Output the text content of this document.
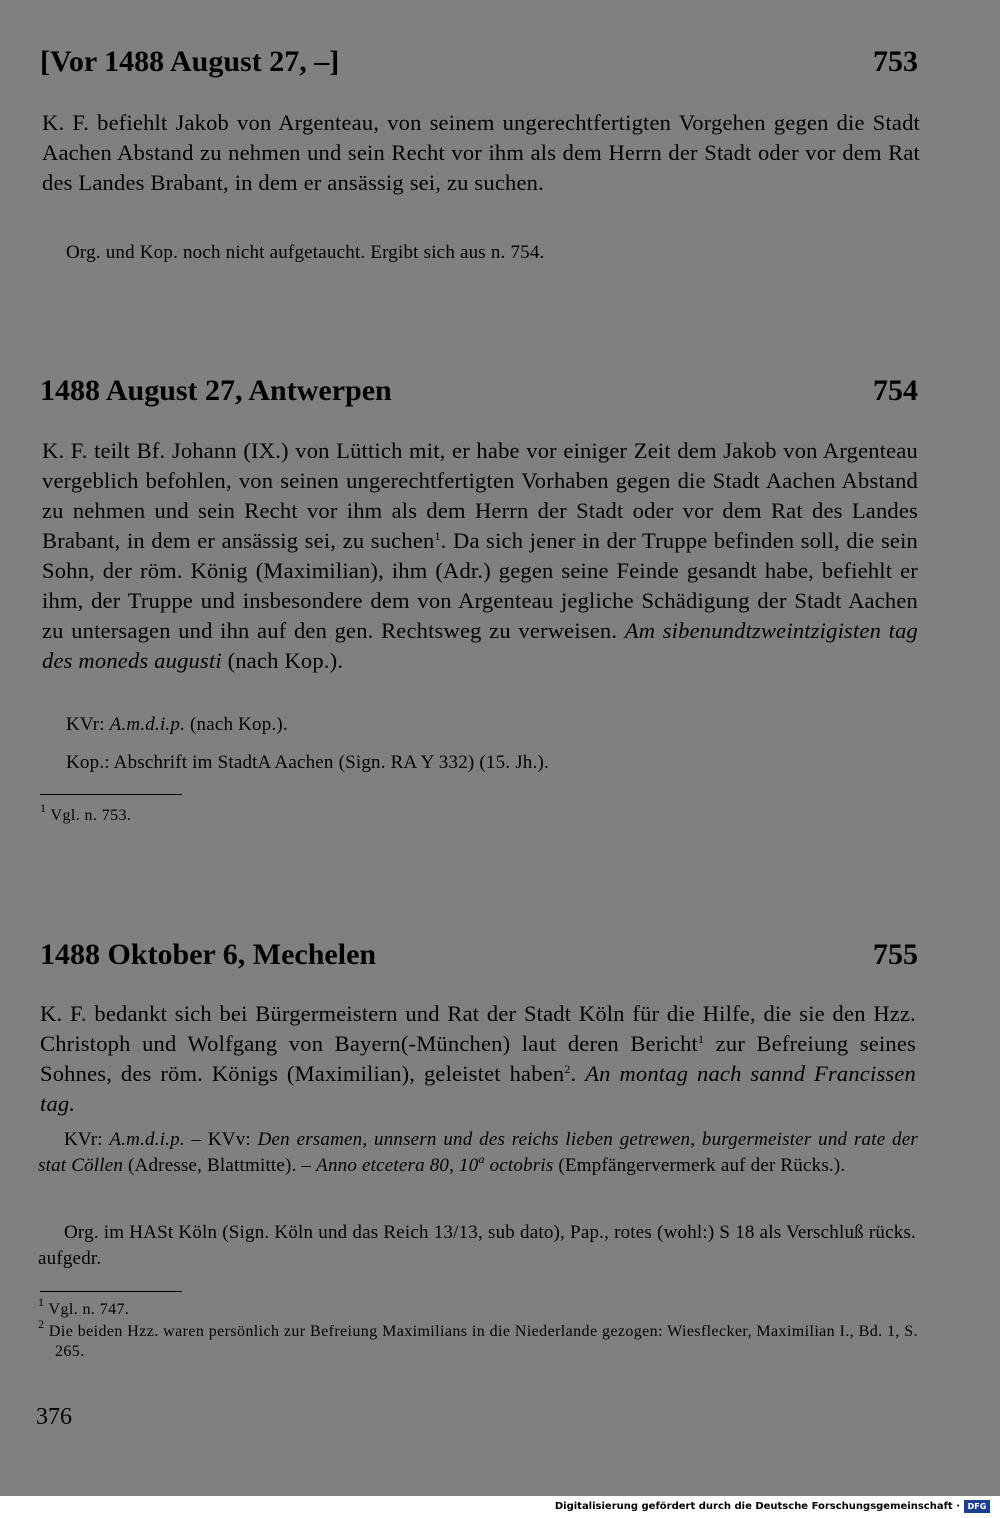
[Vor 1488 August 27, –]	753

K. F. befiehlt Jakob von Argenteau, von seinem ungerechtfertigten Vorgehen gegen die Stadt Aachen Abstand zu nehmen und sein Recht vor ihm als dem Herrn der Stadt oder vor dem Rat des Landes Brabant, in dem er ansässig sei, zu suchen.

Org. und Kop. noch nicht aufgetaucht. Ergibt sich aus n. 754.

1488 August 27, Antwerpen	754

K. F. teilt Bf. Johann (IX.) von Lüttich mit, er habe vor einiger Zeit dem Jakob von Argenteau vergeblich befohlen, von seinen ungerechtfertigten Vorhaben gegen die Stadt Aachen Abstand zu nehmen und sein Recht vor ihm als dem Herrn der Stadt oder vor dem Rat des Landes Brabant, in dem er ansässig sei, zu suchen$^1$. Da sich jener in der Truppe befinden soll, die sein Sohn, der röm. König (Maximilian), ihm (Adr.) gegen seine Feinde gesandt habe, befiehlt er ihm, der Truppe und insbesondere dem von Argenteau jegliche Schädigung der Stadt Aachen zu untersagen und ihn auf den gen. Rechtsweg zu verweisen. Am sibenundtzweintzigisten tag des moneds augusti (nach Kop.).

KVr: A.m.d.i.p. (nach Kop.).

Kop.: Abschrift im StadtA Aachen (Sign. RA Y 332) (15. Jh.).

$^1$ Vgl. n. 753.

1488 Oktober 6, Mechelen	755

K. F. bedankt sich bei Bürgermeistern und Rat der Stadt Köln für die Hilfe, die sie den Hzz. Christoph und Wolfgang von Bayern(-München) laut deren Bericht$^1$ zur Befreiung seines Sohnes, des röm. Königs (Maximilian), geleistet haben$^2$. An montag nach sannd Francissen tag.

KVr: A.m.d.i.p. – KVv: Den ersamen, unnsern und des reichs lieben getrewen, burgermeister und rate der stat Cöllen (Adresse, Blattmitte). – Anno etcetera 80, 10$^a$ octobris (Empfängervermerk auf der Rücks.).

Org. im HASt Köln (Sign. Köln und das Reich 13/13, sub dato), Pap., rotes (wohl:) S 18 als Verschluß rücks. aufgedr.

$^1$ Vgl. n. 747.

$^2$ Die beiden Hzz. waren persönlich zur Befreiung Maximilians in die Niederlande gezogen: Wiesflecker, Maximilian I., Bd. 1, S. 265.

376
Digitalisierung gefördert durch die Deutsche Forschungsgemeinschaft · DFG
